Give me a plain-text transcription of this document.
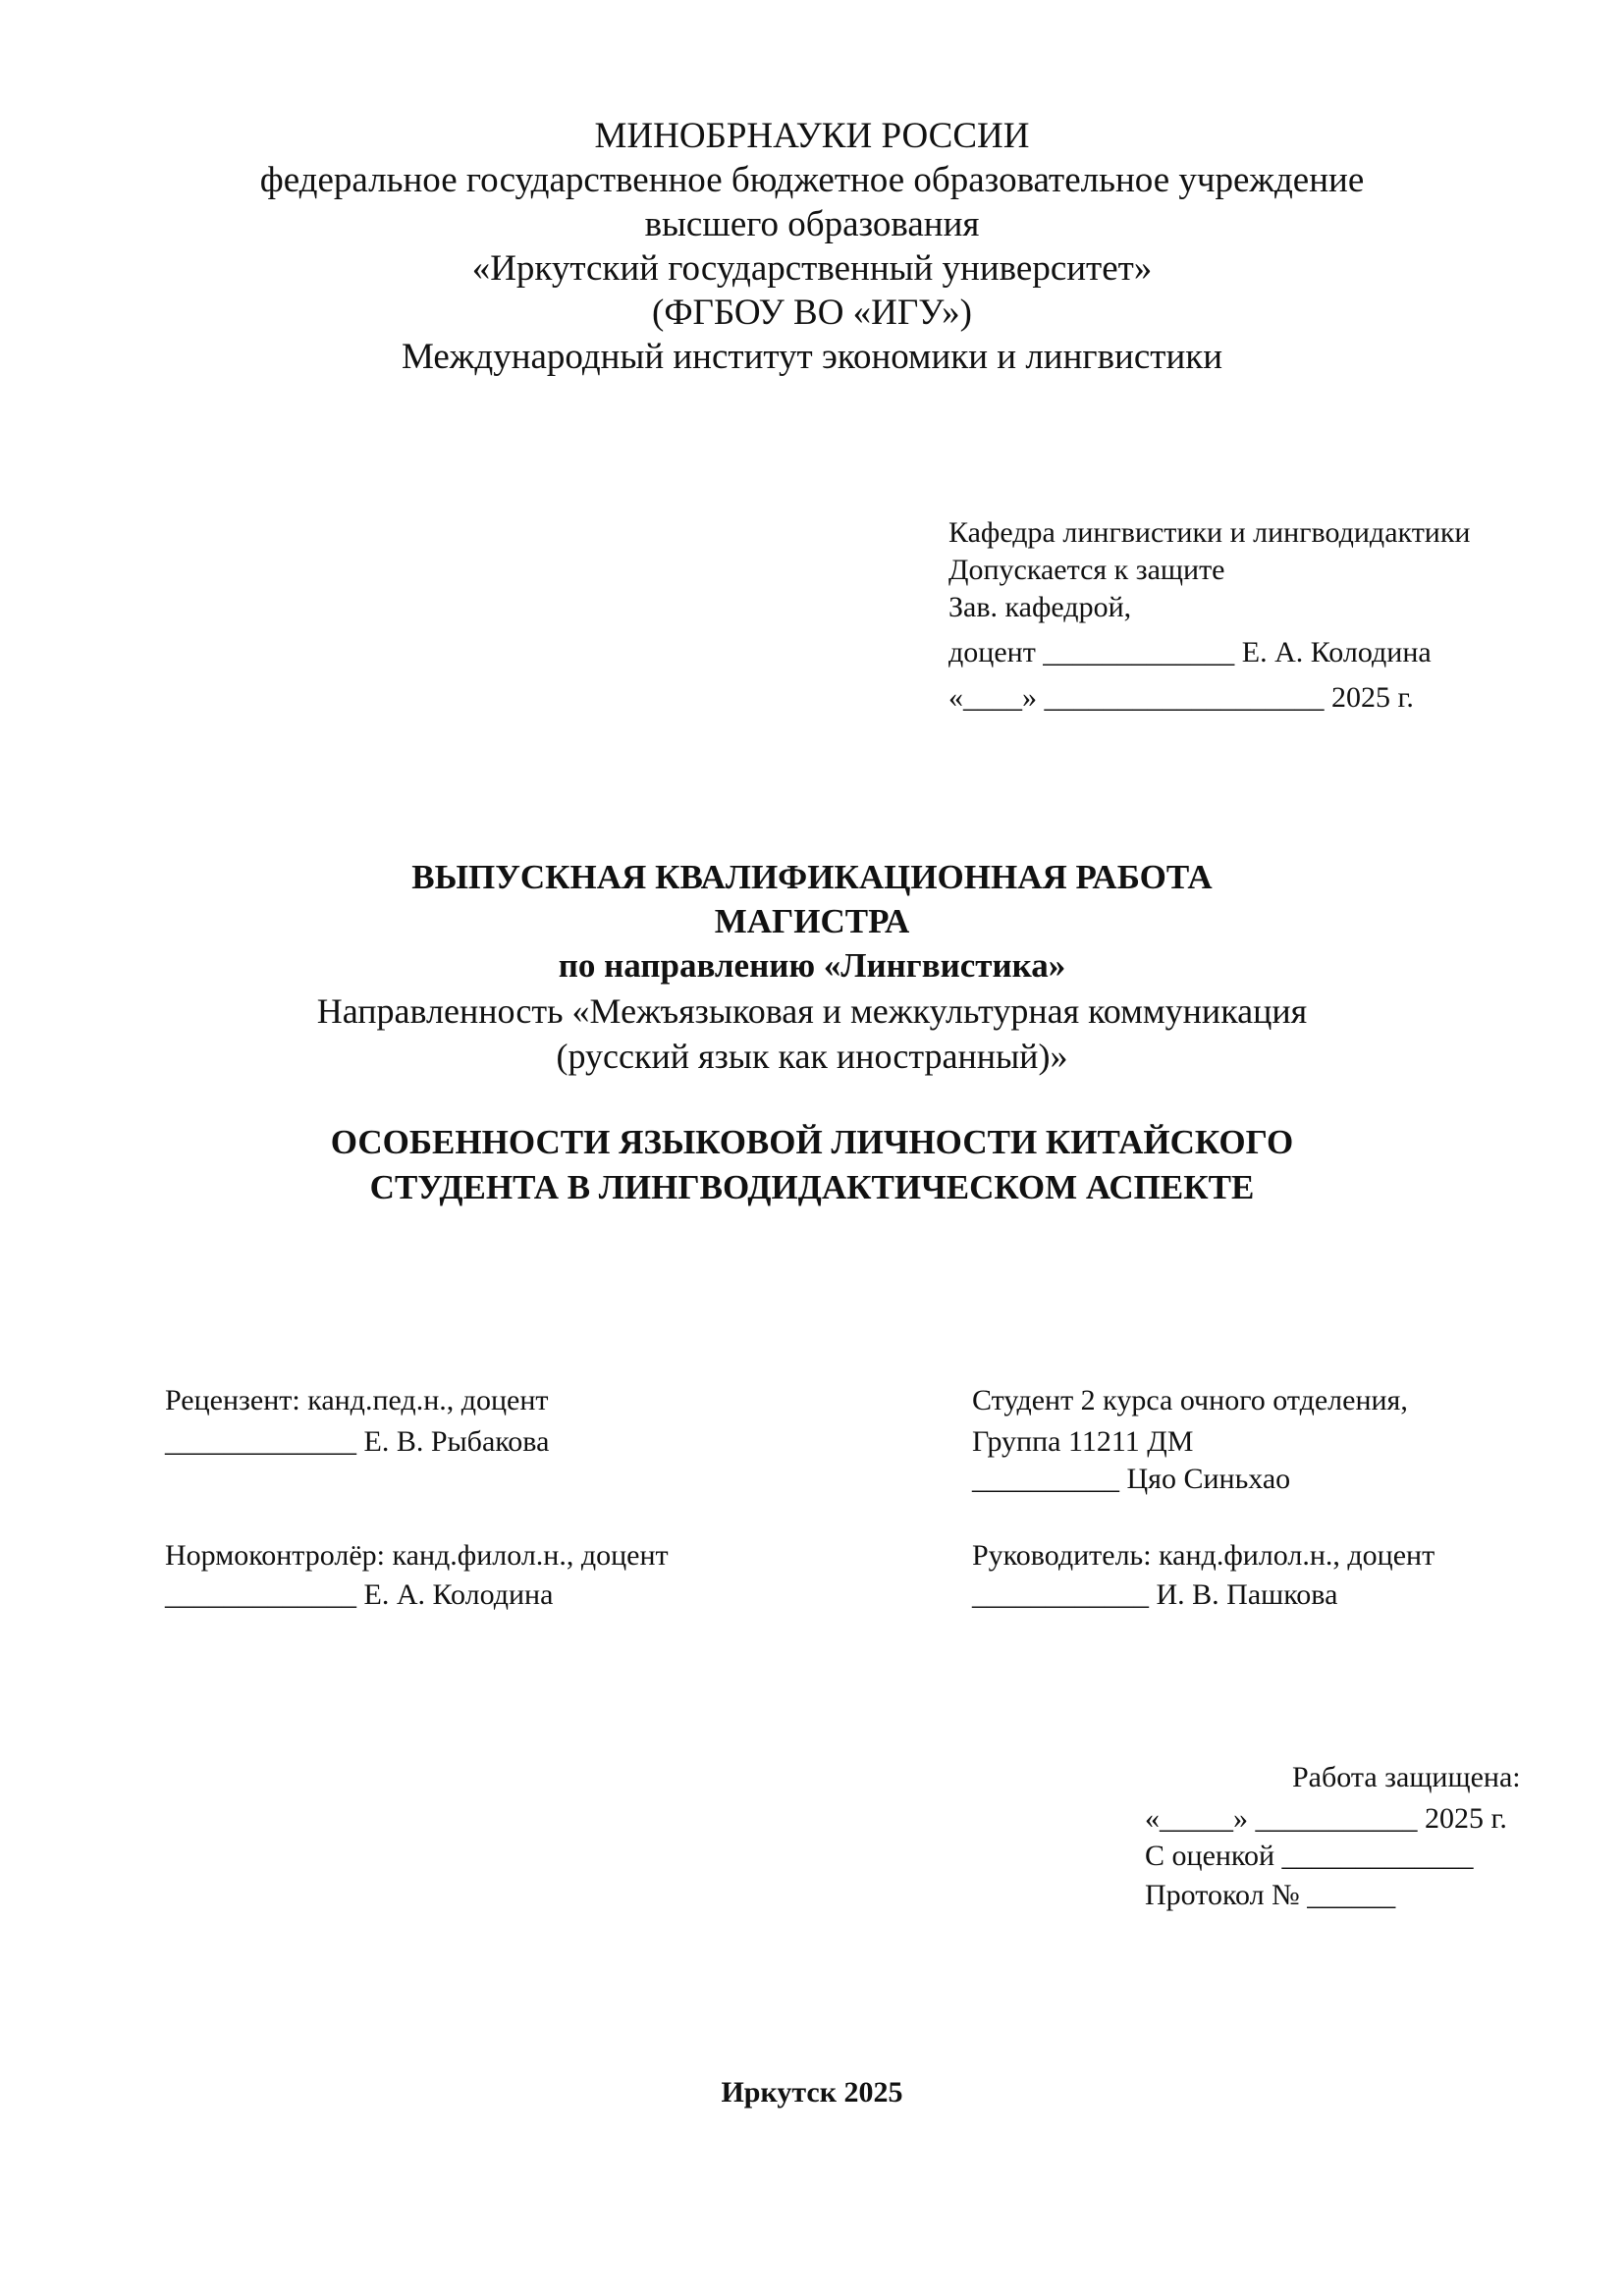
МИНОБРНАУКИ РОССИИ
федеральное государственное бюджетное образовательное учреждение
высшего образования
«Иркутский государственный университет»
(ФГБОУ ВО «ИГУ»)
Международный институт экономики и лингвистики
Кафедра лингвистики и лингводидактики
Допускается к защите
Зав. кафедрой,
доцент _____________ Е. А. Колодина
«____» ___________________ 2025 г.
ВЫПУСКНАЯ КВАЛИФИКАЦИОННАЯ РАБОТА
МАГИСТРА
по направлению «Лингвистика»
Направленность «Межъязыковая и межкультурная коммуникация
(русский язык как иностранный)»
ОСОБЕННОСТИ ЯЗЫКОВОЙ ЛИЧНОСТИ КИТАЙСКОГО
СТУДЕНТА В ЛИНГВОДИДАКТИЧЕСКОМ АСПЕКТЕ
Рецензент: канд.пед.н., доцент
_____________ Е. В. Рыбакова
Нормоконтролёр: канд.филол.н., доцент
_____________ Е. А. Колодина
Студент 2 курса очного отделения,
Группа 11211 ДМ
__________ Цяо Синьхао
Руководитель: канд.филол.н., доцент
____________ И. В. Пашкова
Работа защищена:
«_____» ___________ 2025 г.
С оценкой _____________
Протокол № ______
Иркутск 2025
